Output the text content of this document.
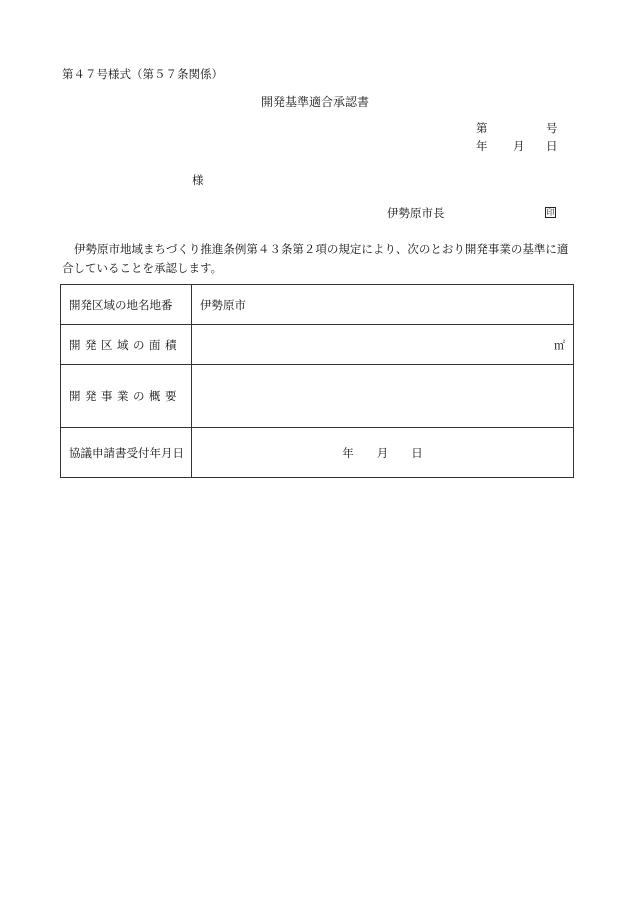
第４７号様式（第５７条関係）
開発基準適合承認書
第	号
年 月 日
様
伊勢原市長	印
伊勢原市地域まちづくり推進条例第４３条第２項の規定により、次のとおり開発事業の基準に適合していることを承認します。
開発区域の地名地番	伊勢原市
開発区域の面積	㎡
開発事業の概要	
協議申請書受付年月日	年　　月　　日
